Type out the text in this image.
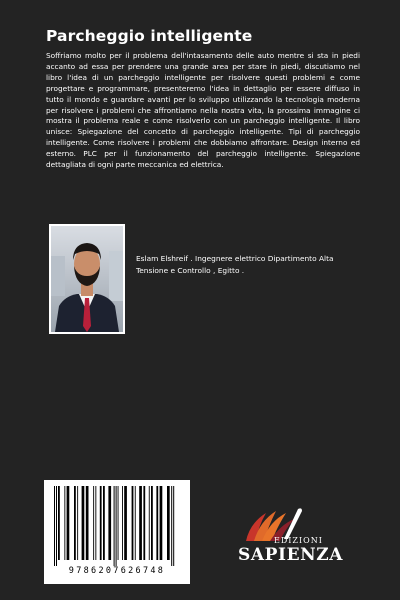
Parcheggio intelligente

Soffriamo molto per il problema dell'intasamento delle auto mentre si sta in piedi accanto ad essa per prendere una grande area per stare in piedi, discutiamo nel libro l'idea di un parcheggio intelligente per risolvere questi problemi e come progettare e programmare, presenteremo l'idea in dettaglio per essere diffuso in tutto il mondo e guardare avanti per lo sviluppo utilizzando la tecnologia moderna per risolvere i problemi che affrontiamo nella nostra vita, la prossima immagine ci mostra il problema reale e come risolverlo con un parcheggio intelligente. Il libro unisce: Spiegazione del concetto di parcheggio intelligente. Tipi di parcheggio intelligente. Come risolvere i problemi che dobbiamo affrontare. Design interno ed esterno. PLC per il funzionamento del parcheggio intelligente. Spiegazione dettagliata di ogni parte meccanica ed elettrica.

Eslam Elshreif . Ingegnere elettrico Dipartimento Alta Tensione e Controllo , Egitto .

9786207626748
EDIZIONI
SAPIENZA
